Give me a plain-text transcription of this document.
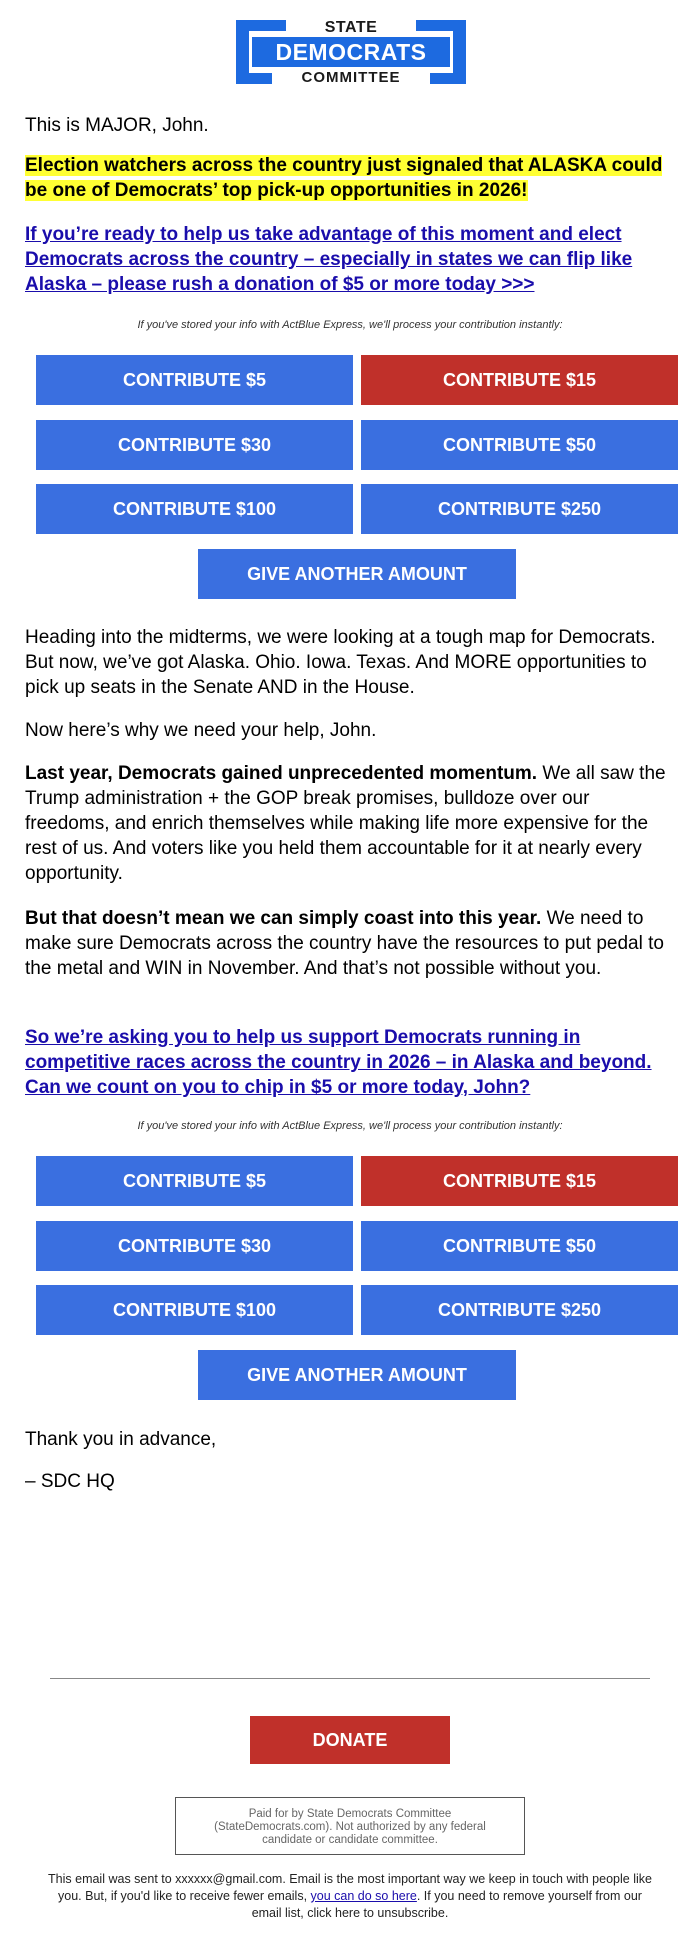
STATE
DEMOCRATS
COMMITTEE

This is MAJOR, John.

Election watchers across the country just signaled that ALASKA could be one of Democrats’ top pick-up opportunities in 2026!

If you’re ready to help us take advantage of this moment and elect Democrats across the country – especially in states we can flip like Alaska – please rush a donation of $5 or more today >>>

If you've stored your info with ActBlue Express, we'll process your contribution instantly:
CONTRIBUTE $5	CONTRIBUTE $15
CONTRIBUTE $30	CONTRIBUTE $50
CONTRIBUTE $100	CONTRIBUTE $250
GIVE ANOTHER AMOUNT

Heading into the midterms, we were looking at a tough map for Democrats. But now, we’ve got Alaska. Ohio. Iowa. Texas. And MORE opportunities to pick up seats in the Senate AND in the House.

Now here’s why we need your help, John.

Last year, Democrats gained unprecedented momentum. We all saw the Trump administration + the GOP break promises, bulldoze over our freedoms, and enrich themselves while making life more expensive for the rest of us. And voters like you held them accountable for it at nearly every opportunity.

But that doesn’t mean we can simply coast into this year. We need to make sure Democrats across the country have the resources to put pedal to the metal and WIN in November. And that’s not possible without you.

So we’re asking you to help us support Democrats running in competitive races across the country in 2026 – in Alaska and beyond. Can we count on you to chip in $5 or more today, John?

If you've stored your info with ActBlue Express, we'll process your contribution instantly:
CONTRIBUTE $5	CONTRIBUTE $15
CONTRIBUTE $30	CONTRIBUTE $50
CONTRIBUTE $100	CONTRIBUTE $250
GIVE ANOTHER AMOUNT

Thank you in advance,

– SDC HQ

DONATE
Paid for by State Democrats Committee (StateDemocrats.com). Not authorized by any federal candidate or candidate committee.
This email was sent to xxxxxx@gmail.com. Email is the most important way we keep in touch with people like you. But, if you'd like to receive fewer emails, you can do so here. If you need to remove yourself from our email list, click here to unsubscribe.
